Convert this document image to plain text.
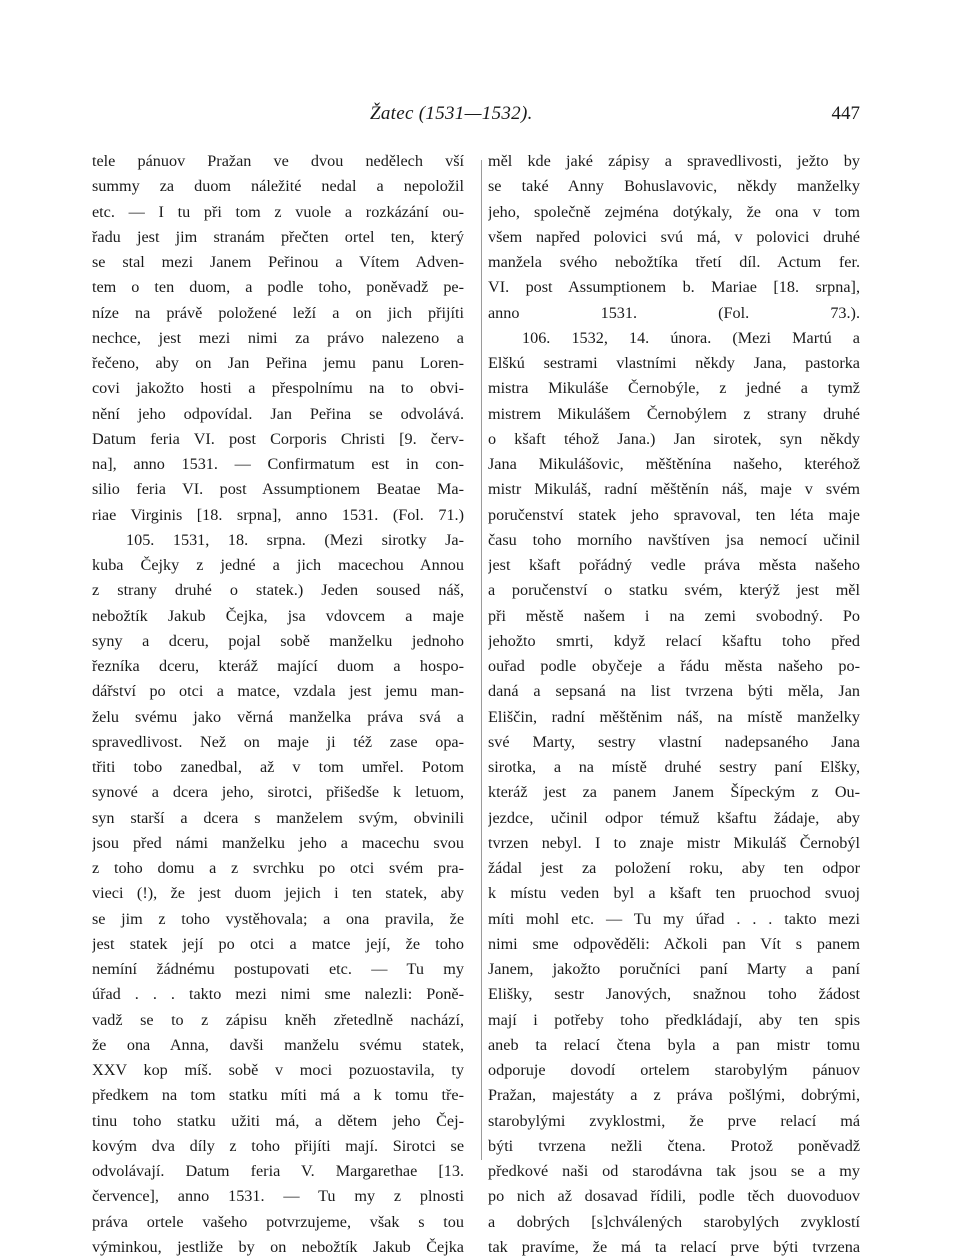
Žatec (1531—1532).	447
tele pánuov Pražan ve dvou nedělech vší
summy za duom náležité nedal a nepoložil
etc. — I tu při tom z vuole a rozkázání ou-
řadu jest jim stranám přečten ortel ten, který
se stal mezi Janem Peřinou a Vítem Adven-
tem o ten duom, a podle toho, poněvadž pe-
níze na právě položené leží a on jich přijíti
nechce, jest mezi nimi za právo nalezeno a
řečeno, aby on Jan Peřina jemu panu Loren-
covi jakožto hosti a přespolnímu na to obvi-
nění jeho odpovídal. Jan Peřina se odvolává.
Datum feria VI. post Corporis Christi [9. červ-
na], anno 1531. — Confirmatum est in con-
silio feria VI. post Assumptionem Beatae Ma-
riae Virginis [18. srpna], anno 1531. (Fol. 71.)
105. 1531, 18. srpna. (Mezi sirotky Ja-
kuba Čejky z jedné a jich macechou Annou
z strany druhé o statek.) Jeden soused náš,
nebožtík Jakub Čejka, jsa vdovcem a maje
syny a dceru, pojal sobě manželku jednoho
řezníka dceru, kteráž mající duom a hospo-
dářství po otci a matce, vzdala jest jemu man-
želu svému jako věrná manželka práva svá a
spravedlivost. Než on maje ji též zase opa-
třiti tobo zanedbal, až v tom umřel. Potom
synové a dcera jeho, sirotci, přišedše k letuom,
syn starší a dcera s manželem svým, obvinili
jsou před námi manželku jeho a macechu svou
z toho domu a z svrchku po otci svém pra-
vieci (!), že jest duom jejich i ten statek, aby
se jim z toho vystěhovala; a ona pravila, že
jest statek její po otci a matce její, že toho
nemíní žádnému postupovati etc. — Tu my
úřad . . . takto mezi nimi sme nalezli: Poně-
vadž se to z zápisu kněh zřetedlně nachází,
že ona Anna, davši manželu svému statek,
XXV kop míš. sobě v moci pozuostavila, ty
předkem na tom statku míti má a k tomu tře-
tinu toho statku užiti má, a dětem jeho Čej-
kovým dva díly z toho přijíti mají. Sirotci se
odvolávají. Datum feria V. Margarethae [13.
července], anno 1531. — Tu my z plnosti
práva ortele vašeho potvrzujeme, však s tou
výminkou, jestliže by on nebožtík Jakub Čejka
měl kde jaké zápisy a spravedlivosti, ježto by
se také Anny Bohuslavovic, někdy manželky
jeho, společně zejména dotýkaly, že ona v tom
všem napřed polovici svú má, v polovici druhé
manžela svého nebožtíka třetí díl. Actum fer.
VI. post Assumptionem b. Mariae [18. srpna],
anno 1531. (Fol. 73.).
106. 1532, 14. února. (Mezi Martú a
Elškú sestrami vlastními někdy Jana, pastorka
mistra Mikuláše Černobýle, z jedné a tymž
mistrem Mikulášem Černobýlem z strany druhé
o kšaft téhož Jana.) Jan sirotek, syn někdy
Jana Mikulášovic, měštěnína našeho, kteréhož
mistr Mikuláš, radní měštěnín náš, maje v svém
poručenství statek jeho spravoval, ten léta maje
času toho morního navštíven jsa nemocí učinil
jest kšaft pořádný vedle práva města našeho
a poručenství o statku svém, kterýž jest měl
při městě našem i na zemi svobodný. Po
jehožto smrti, když relací kšaftu toho před
ouřad podle obyčeje a řádu města našeho po-
daná a sepsaná na list tvrzena býti měla, Jan
Eliščin, radní měštěnim náš, na místě manželky
své Marty, sestry vlastní nadepsaného Jana
sirotka, a na místě druhé sestry paní Elšky,
kteráž jest za panem Janem Šípeckým z Ou-
jezdce, učinil odpor témuž kšaftu žádaje, aby
tvrzen nebyl. I to znaje mistr Mikuláš Černobýl
žádal jest za položení roku, aby ten odpor
k místu veden byl a kšaft ten pruochod svuoj
míti mohl etc. — Tu my úřad . . . takto mezi
nimi sme odpověděli: Ačkoli pan Vít s panem
Janem, jakožto poručníci paní Marty a paní
Elišky, sestr Janových, snažnou toho žádost
mají i potřeby toho předkládají, aby ten spis
aneb ta relací čtena byla a pan mistr tomu
odporuje dovodí ortelem starobylým pánuov
Pražan, majestáty a z práva pošlými, dobrými,
starobylými zvyklostmi, že prve relací má
býti tvrzena nežli čtena. Protož poněvadž
předkové naši od starodávna tak jsou se a my
po nich až dosavad řídili, podle těch duovoduov
a dobrých [s]chválených starobylých zvyklostí
tak pravíme, že má ta relací prve býti tvrzena
